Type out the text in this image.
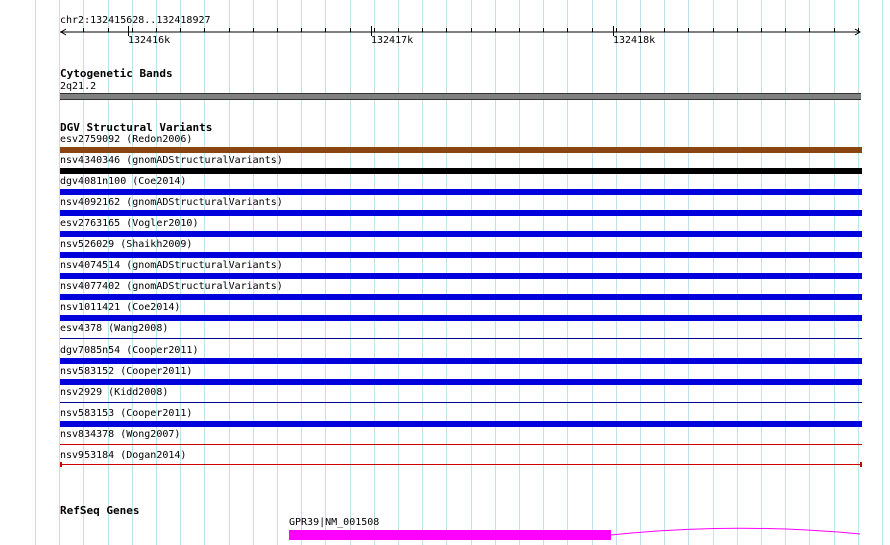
chr2:132415628..132418927
132416k	132417k	132418k
Cytogenetic Bands
2q21.2
DGV Structural Variants
esv2759092 (Redon2006)
nsv4340346 (gnomADStructuralVariants)
dgv4081n100 (Coe2014)
nsv4092162 (gnomADStructuralVariants)
esv2763165 (Vogler2010)
nsv526029 (Shaikh2009)
nsv4074514 (gnomADStructuralVariants)
nsv4077402 (gnomADStructuralVariants)
nsv1011421 (Coe2014)
esv4378 (Wang2008)
dgv7085n54 (Cooper2011)
nsv583152 (Cooper2011)
nsv2929 (Kidd2008)
nsv583153 (Cooper2011)
nsv834378 (Wong2007)
nsv953184 (Dogan2014)
RefSeq Genes
GPR39|NM_001508
